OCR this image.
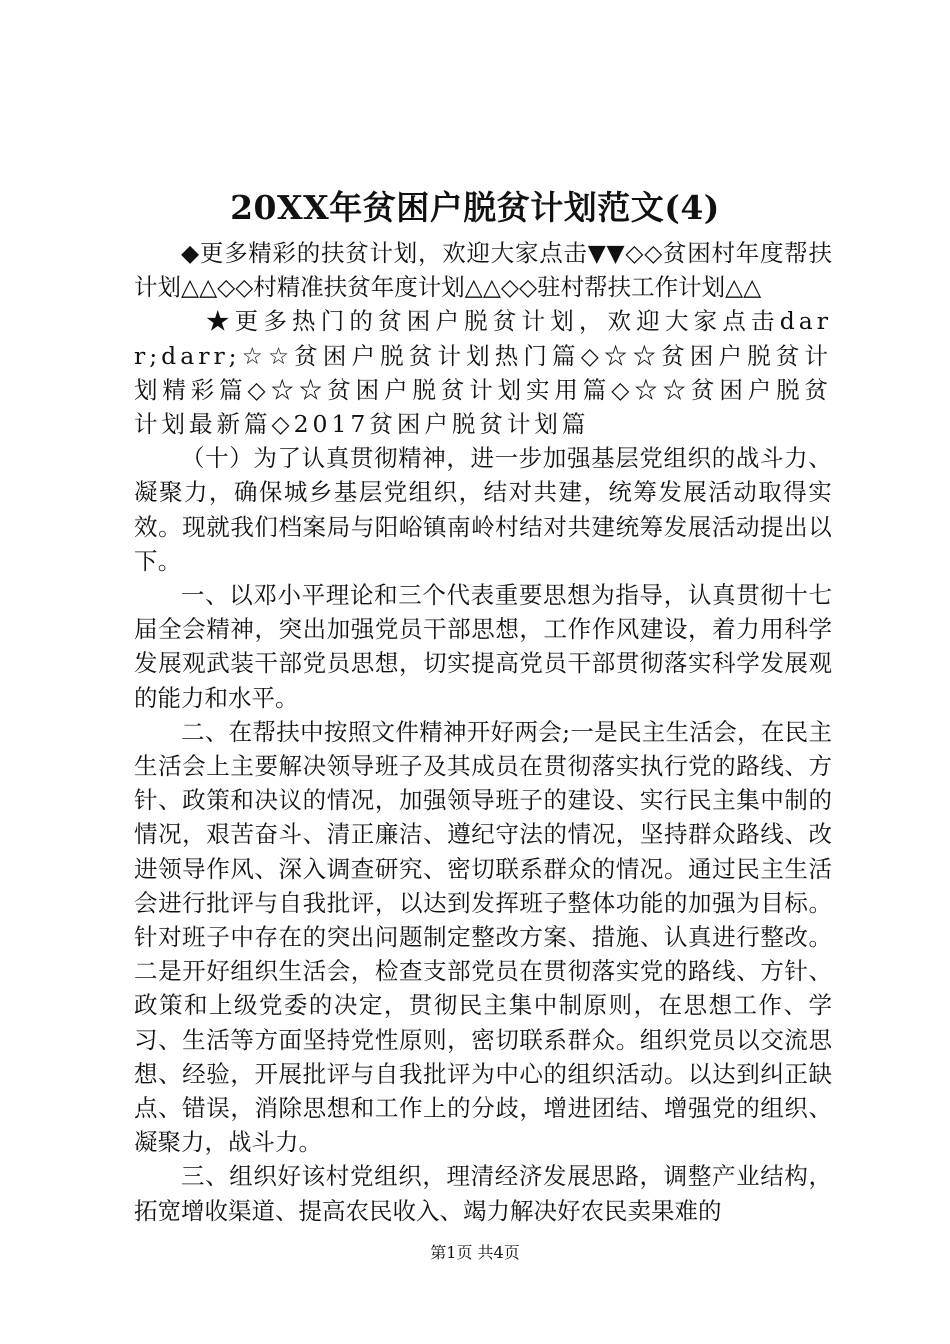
20XX年贫困户脱贫计划范文(4)

◆更多精彩的扶贫计划，欢迎大家点击▼▼◇◇贫困村年度帮扶计划△△◇◇村精准扶贫年度计划△△◇◇驻村帮扶工作计划△△

★更多热门的贫困户脱贫计划，欢迎大家点击darr;darr;☆☆贫困户脱贫计划热门篇◇☆☆贫困户脱贫计划精彩篇◇☆☆贫困户脱贫计划实用篇◇☆☆贫困户脱贫计划最新篇◇2017贫困户脱贫计划篇

（十）为了认真贯彻精神，进一步加强基层党组织的战斗力、凝聚力，确保城乡基层党组织，结对共建，统筹发展活动取得实效。现就我们档案局与阳峪镇南岭村结对共建统筹发展活动提出以下。

一、以邓小平理论和三个代表重要思想为指导，认真贯彻十七届全会精神，突出加强党员干部思想，工作作风建设，着力用科学发展观武装干部党员思想，切实提高党员干部贯彻落实科学发展观的能力和水平。

二、在帮扶中按照文件精神开好两会;一是民主生活会，在民主生活会上主要解决领导班子及其成员在贯彻落实执行党的路线、方针、政策和决议的情况，加强领导班子的建设、实行民主集中制的情况，艰苦奋斗、清正廉洁、遵纪守法的情况，坚持群众路线、改进领导作风、深入调查研究、密切联系群众的情况。通过民主生活会进行批评与自我批评，以达到发挥班子整体功能的加强为目标。针对班子中存在的突出问题制定整改方案、措施、认真进行整改。二是开好组织生活会，检查支部党员在贯彻落实党的路线、方针、政策和上级党委的决定，贯彻民主集中制原则，在思想工作、学习、生活等方面坚持党性原则，密切联系群众。组织党员以交流思想、经验，开展批评与自我批评为中心的组织活动。以达到纠正缺点、错误，消除思想和工作上的分歧，增进团结、增强党的组织、凝聚力，战斗力。

三、组织好该村党组织，理清经济发展思路，调整产业结构，拓宽增收渠道、提高农民收入、竭力解决好农民卖果难的

第1页 共4页
